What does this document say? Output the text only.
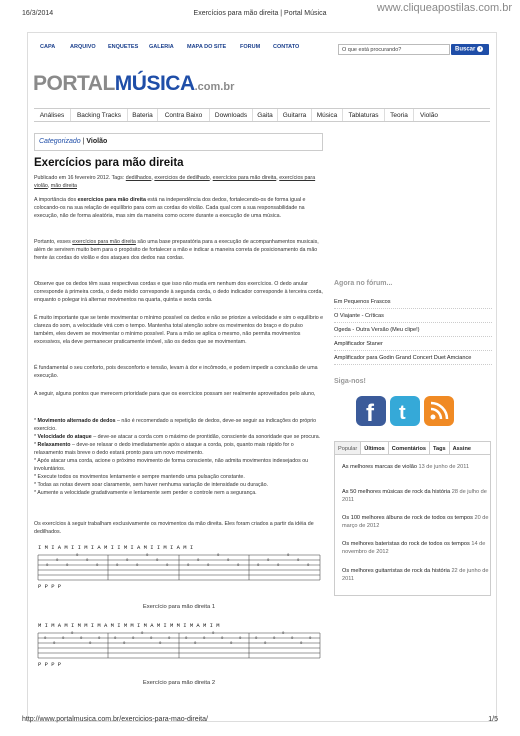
16/3/2014	Exercícios para mão direita | Portal Música	www.cliqueapostilas.com.br
CAPA	ARQUIVO ENQUETES GALERIA MAPA DO SITE	FORUM CONTATO	O que está procurando?	Buscar ›
PORTALMÚSICA.com.br
Análises	Backing Tracks	Bateria	Contra Baixo	Downloads	Gaita	Guitarra	Música	Tablaturas	Teoria	Violão
Categorizado | Violão
Exercícios para mão direita
Publicado em 16 fevereiro 2012. Tags: dedilhados, exercicios de dedilhado, exercícios para mão direita, exercícios para violão, mão direita
A importância dos exercícios para mão direita está na independência dos dedos, fortalecendo-os de forma igual e colocando-os na sua relação de equilíbrio para com as cordas do violão. Cada qual com a sua responsabilidade na execução, não de forma aleatória, mas sim da maneira como ocorre durante a execução de uma música.
Portanto, esses exercícios para mão direita são uma base preparatória para a execução de acompanhamentos musicais, além de servirem muito bem para o propósito de fortalecer a mão e indicar a maneira correta de posicionamento da mão frente às cordas do violão e dos ataques dos dedos nas cordas.
Observe que os dedos têm suas respectivas cordas e que isso não muda em nenhum dos exercícios. O dedo anular corresponde à primeira corda, o dedo médio corresponde à segunda corda, o dedo indicador corresponde à terceira corda, enquanto o polegar irá alternar movimentos na quarta, quinta e sexta corda.
É muito importante que se tente movimentar o mínimo possível os dedos e não se priorize a velocidade e sim o equilíbrio e clareza do som, a velocidade virá com o tempo. Mantenha total atenção sobre os movimentos do braço e do pulso também, eles devem se movimentar o mínimo possível. Para a mão se aplica o mesmo, não permita movimentos excessivos, ela deve permanecer praticamente imóvel, são os dedos que se movimentam.
É fundamental o seu conforto, pois desconforto e tensão, levam à dor e incômodo, e podem impedir a conclusão de uma execução.
A seguir, alguns pontos que merecem prioridade para que os exercícios possam ser realmente aproveitados pelo aluno,
* Movimento alternado de dedos – não é recomendado a repetição de dedos, deve-se seguir as indicações do próprio exercício.
* Velocidade do ataque – deve-se atacar a corda com o máximo de prontidão, consciente da sonoridade que se procura.
* Relaxamento – deve-se relaxar o dedo imediatamente após o ataque a corda, pois, quanto mais rápido for o relaxamento mais breve o dedo estará pronto para um novo movimento.
* Após atacar uma corda, acione o próximo movimento de forma consciente, não admita movimentos indesejados ou involuntários.
* Execute todos os movimentos lentamente e sempre mantendo uma pulsação constante.
* Todas as notas devem soar claramente, sem haver nenhuma variação de intensidade ou duração.
* Aumente a velocidade gradativamente e lentamente sem perder o controle nem a segurança.
Os exercícios à seguir trabalham exclusivamente os movimentos da mão direita. Eles foram criados a partir da idéia de dedilhados.
I M I A M I I M I A M I I M I A M I I M I A M I
0
0
0
0
0
0	0
0
0
0
0
0	0
0
0
0
0
0	0
0
0
0
0
0
P P P P
Exercício para mão direita 1
M I M A M I M M I M A M I M M I M A M I M M I M A M I M
0
0
0
0
0
0
0	0
0
0
0
0
0
0	0
0
0
0
0
0
0	0
0
0
0
0
0
0
P P P P
Exercício para mão direita 2
Agora no fórum...
Em Pequenos Frascos
O Viajante - Críticas
Ogeda - Outra Versão (Meu clipe!)
Amplificador Staner
Amplificador para Godin Grand Concert Duet Amciance
Siga-nos!
f t
Popular	Últimos	Comentários	Tags	Assine
As melhores marcas de violão 13 de junho de 2011
As 50 melhores músicas de rock da história 28 de julho de 2011
Os 100 melhores álbuns de rock de todos os tempos 20 de março de 2012
Os melhores bateristas do rock de todos os tempos 14 de novembro de 2012
Os melhores guitarristas de rock da história 22 de junho de 2011
http://www.portalmusica.com.br/exercicios-para-mao-direita/	1/5
